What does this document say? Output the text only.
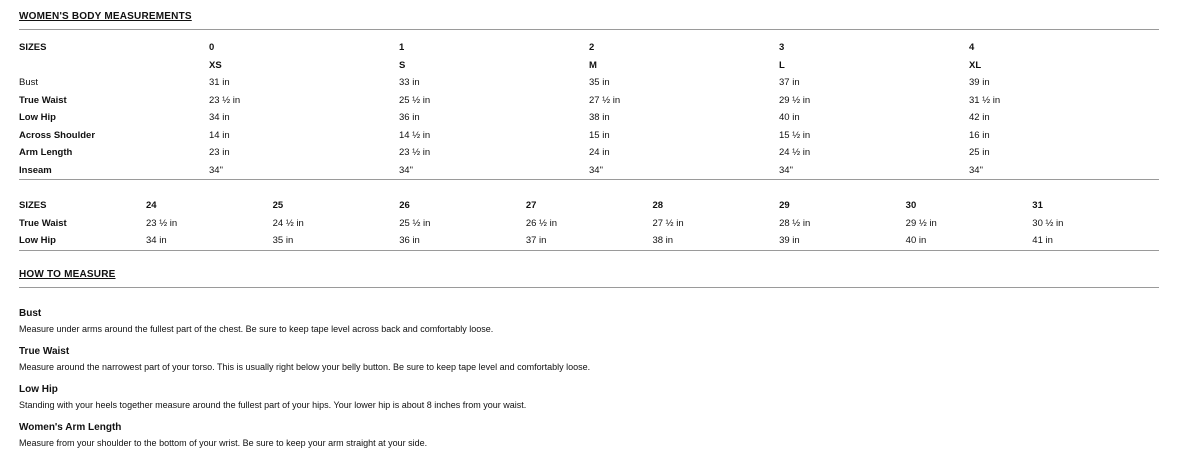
WOMEN'S BODY MEASUREMENTS
SIZES	0	1	2	3	4
	XS	S	M	L	XL
Bust	31 in	33 in	35 in	37 in	39 in
True Waist	23 ½ in	25 ½ in	27 ½ in	29 ½ in	31 ½ in
Low Hip	34 in	36 in	38 in	40 in	42 in
Across Shoulder	14 in	14 ½ in	15 in	15 ½ in	16 in
Arm Length	23 in	23 ½ in	24 in	24 ½ in	25 in
Inseam	34"	34"	34"	34"	34"
SIZES	24	25	26	27	28	29	30	31
True Waist	23 ½ in	24 ½ in	25 ½ in	26 ½ in	27 ½ in	28 ½ in	29 ½ in	30 ½ in
Low Hip	34 in	35 in	36 in	37 in	38 in	39 in	40 in	41 in
HOW TO MEASURE
Bust
Measure under arms around the fullest part of the chest. Be sure to keep tape level across back and comfortably loose.
True Waist
Measure around the narrowest part of your torso. This is usually right below your belly button. Be sure to keep tape level and comfortably loose.
Low Hip
Standing with your heels together measure around the fullest part of your hips. Your lower hip is about 8 inches from your waist.
Women's Arm Length
Measure from your shoulder to the bottom of your wrist. Be sure to keep your arm straight at your side.
